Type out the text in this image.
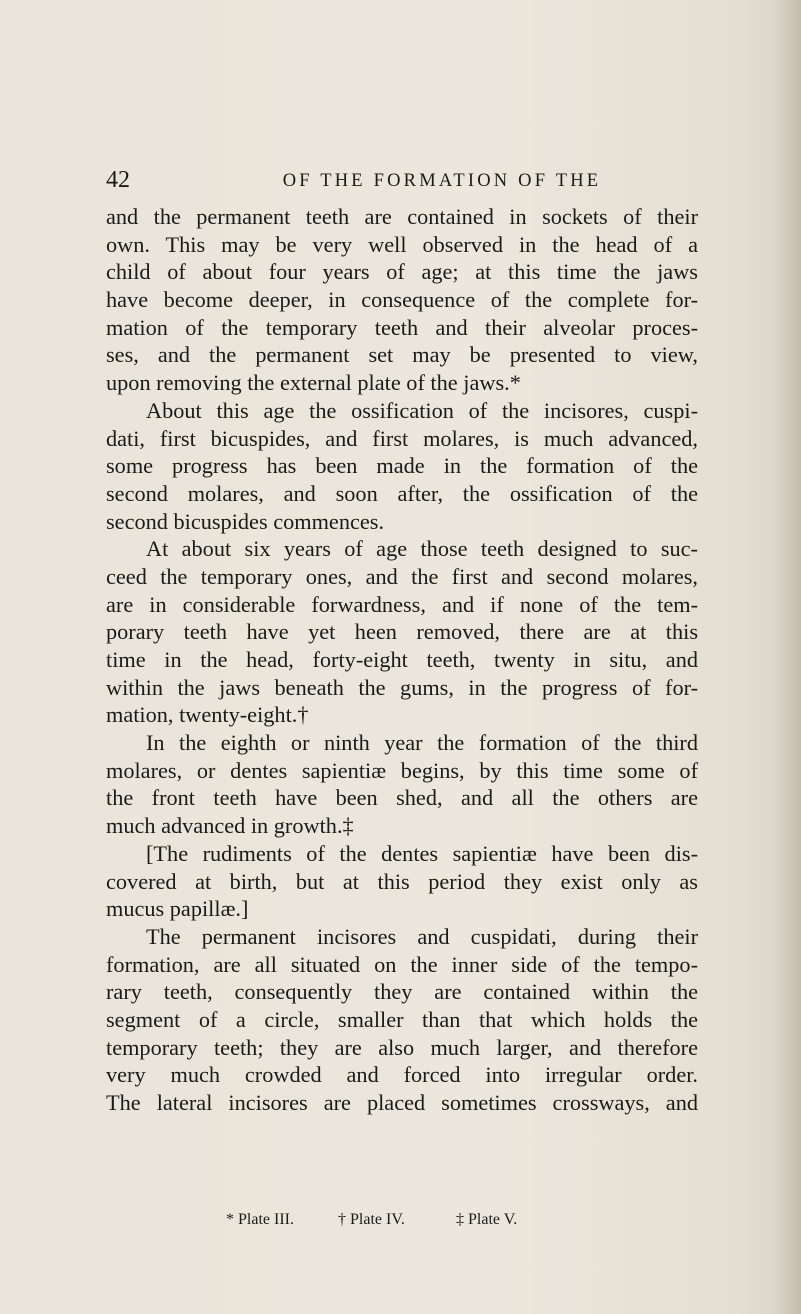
42	OF THE FORMATION OF THE
and the permanent teeth are contained in sockets of their
own. This may be very well observed in the head of a
child of about four years of age; at this time the jaws
have become deeper, in consequence of the complete for-
mation of the temporary teeth and their alveolar proces-
ses, and the permanent set may be presented to view,
upon removing the external plate of the jaws.*
About this age the ossification of the incisores, cuspi-
dati, first bicuspides, and first molares, is much advanced,
some progress has been made in the formation of the
second molares, and soon after, the ossification of the
second bicuspides commences.
At about six years of age those teeth designed to suc-
ceed the temporary ones, and the first and second molares,
are in considerable forwardness, and if none of the tem-
porary teeth have yet heen removed, there are at this
time in the head, forty-eight teeth, twenty in situ, and
within the jaws beneath the gums, in the progress of for-
mation, twenty-eight.†
In the eighth or ninth year the formation of the third
molares, or dentes sapientiæ begins, by this time some of
the front teeth have been shed, and all the others are
much advanced in growth.‡
[The rudiments of the dentes sapientiæ have been dis-
covered at birth, but at this period they exist only as
mucus papillæ.]
The permanent incisores and cuspidati, during their
formation, are all situated on the inner side of the tempo-
rary teeth, consequently they are contained within the
segment of a circle, smaller than that which holds the
temporary teeth; they are also much larger, and therefore
very much crowded and forced into irregular order.
The lateral incisores are placed sometimes crossways, and
* Plate III.	† Plate IV.	‡ Plate V.
